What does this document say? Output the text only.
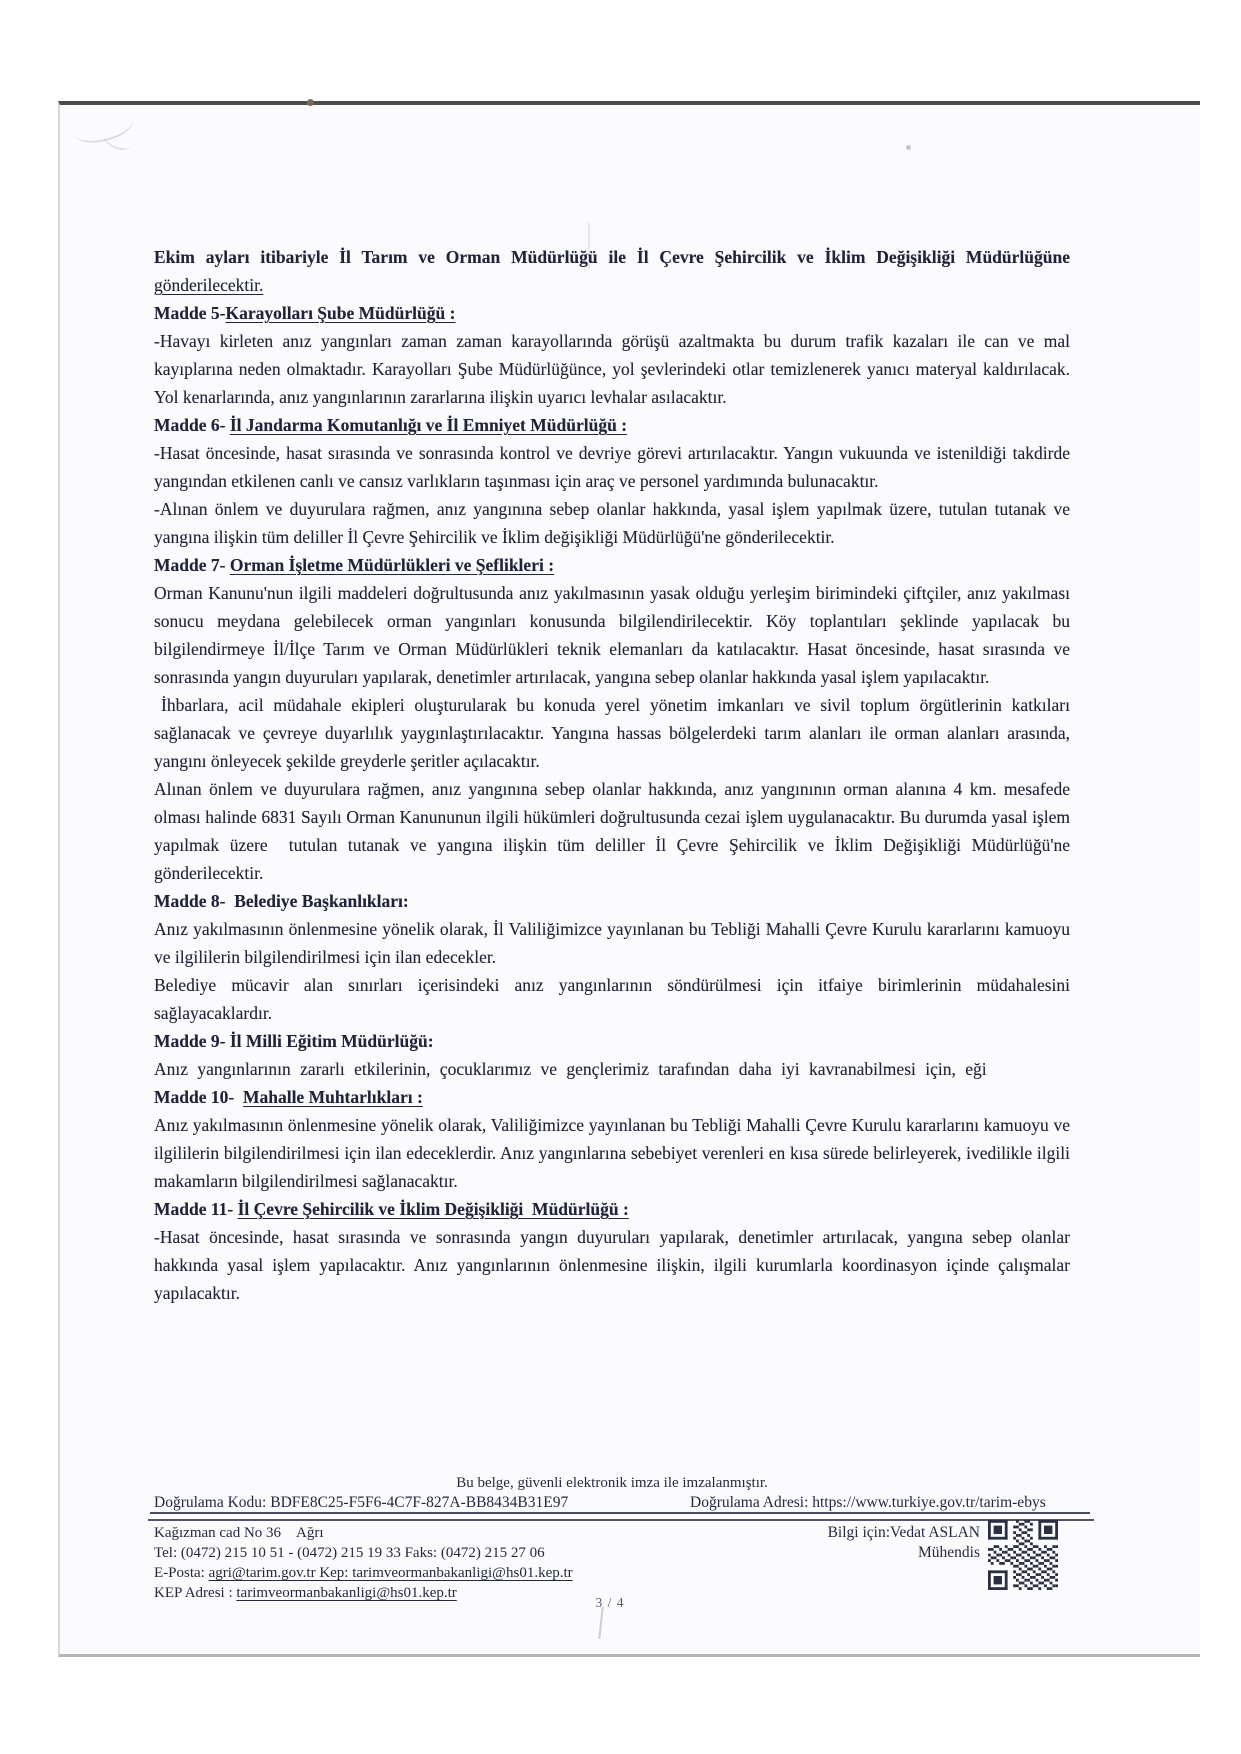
Ekim ayları itibariyle İl Tarım ve Orman Müdürlüğü ile İl Çevre Şehircilik ve İklim Değişikliği Müdürlüğüne gönderilecektir.
Madde 5-Karayolları Şube Müdürlüğü :
-Havayı kirleten anız yangınları zaman zaman karayollarında görüşü azaltmakta bu durum trafik kazaları ile can ve mal kayıplarına neden olmaktadır. Karayolları Şube Müdürlüğünce, yol şevlerindeki otlar temizlenerek yanıcı materyal kaldırılacak. Yol kenarlarında, anız yangınlarının zararlarına ilişkin uyarıcı levhalar asılacaktır.
Madde 6- İl Jandarma Komutanlığı ve İl Emniyet Müdürlüğü :
-Hasat öncesinde, hasat sırasında ve sonrasında kontrol ve devriye görevi artırılacaktır. Yangın vukuunda ve istenildiği takdirde yangından etkilenen canlı ve cansız varlıkların taşınması için araç ve personel yardımında bulunacaktır.
-Alınan önlem ve duyurulara rağmen, anız yangınına sebep olanlar hakkında, yasal işlem yapılmak üzere, tutulan tutanak ve yangına ilişkin tüm deliller İl Çevre Şehircilik ve İklim değişikliği Müdürlüğü'ne gönderilecektir.
Madde 7- Orman İşletme Müdürlükleri ve Şeflikleri :
Orman Kanunu'nun ilgili maddeleri doğrultusunda anız yakılmasının yasak olduğu yerleşim birimindeki çiftçiler, anız yakılması sonucu meydana gelebilecek orman yangınları konusunda bilgilendirilecektir. Köy toplantıları şeklinde yapılacak bu bilgilendirmeye İl/İlçe Tarım ve Orman Müdürlükleri teknik elemanları da katılacaktır. Hasat öncesinde, hasat sırasında ve sonrasında yangın duyuruları yapılarak, denetimler artırılacak, yangına sebep olanlar hakkında yasal işlem yapılacaktır.
İhbarlara, acil müdahale ekipleri oluşturularak bu konuda yerel yönetim imkanları ve sivil toplum örgütlerinin katkıları sağlanacak ve çevreye duyarlılık yaygınlaştırılacaktır. Yangına hassas bölgelerdeki tarım alanları ile orman alanları arasında, yangını önleyecek şekilde greyderle şeritler açılacaktır.
Alınan önlem ve duyurulara rağmen, anız yangınına sebep olanlar hakkında, anız yangınının orman alanına 4 km. mesafede olması halinde 6831 Sayılı Orman Kanununun ilgili hükümleri doğrultusunda cezai işlem uygulanacaktır. Bu durumda yasal işlem yapılmak üzere  tutulan tutanak ve yangına ilişkin tüm deliller İl Çevre Şehircilik ve İklim Değişikliği Müdürlüğü'ne gönderilecektir.
Madde 8-  Belediye Başkanlıkları:
Anız yakılmasının önlenmesine yönelik olarak, İl Valiliğimizce yayınlanan bu Tebliği Mahalli Çevre Kurulu kararlarını kamuoyu ve ilgililerin bilgilendirilmesi için ilan edecekler.
Belediye mücavir alan sınırları içerisindeki anız yangınlarının söndürülmesi için itfaiye birimlerinin müdahalesini sağlayacaklardır.
Madde 9- İl Milli Eğitim Müdürlüğü:
Anız yangınlarının zararlı etkilerinin, çocuklarımız ve gençlerimiz tarafından daha iyi kavranabilmesi için, eği
Madde 10-  Mahalle Muhtarlıkları :
Anız yakılmasının önlenmesine yönelik olarak, Valiliğimizce yayınlanan bu Tebliği Mahalli Çevre Kurulu kararlarını kamuoyu ve ilgililerin bilgilendirilmesi için ilan edeceklerdir. Anız yangınlarına sebebiyet verenleri en kısa sürede belirleyerek, ivedilikle ilgili makamların bilgilendirilmesi sağlanacaktır.
Madde 11- İl Çevre Şehircilik ve İklim Değişikliği  Müdürlüğü :
-Hasat öncesinde, hasat sırasında ve sonrasında yangın duyuruları yapılarak, denetimler artırılacak, yangına sebep olanlar hakkında yasal işlem yapılacaktır. Anız yangınlarının önlenmesine ilişkin, ilgili kurumlarla koordinasyon içinde çalışmalar yapılacaktır.
Bu belge, güvenli elektronik imza ile imzalanmıştır.
Doğrulama Kodu: BDFE8C25-F5F6-4C7F-827A-BB8434B31E97	Doğrulama Adresi: https://www.turkiye.gov.tr/tarim-ebys
Kağızman cad No 36    Ağrı
Tel: (0472) 215 10 51 - (0472) 215 19 33 Faks: (0472) 215 27 06
E-Posta: agri@tarim.gov.tr Kep: tarimveormanbakanligi@hs01.kep.tr
KEP Adresi : tarimveormanbakanligi@hs01.kep.tr
Bilgi için:Vedat ASLAN
Mühendis
3 / 4
